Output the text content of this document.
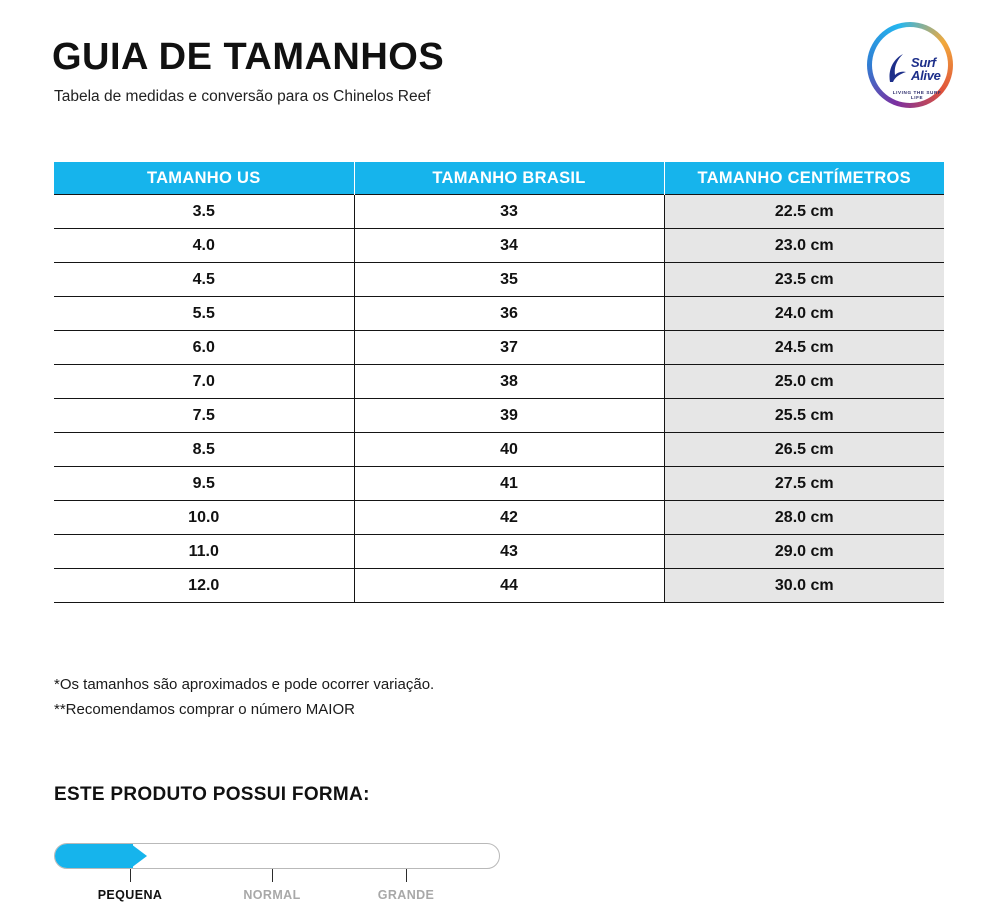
GUIA DE TAMANHOS
Tabela de medidas e conversão para os Chinelos Reef
Surf
Alive
LIVING THE SURF LIFE
TAMANHO US	TAMANHO BRASIL	TAMANHO CENTÍMETROS
3.5	33	22.5 cm
4.0	34	23.0 cm
4.5	35	23.5 cm
5.5	36	24.0 cm
6.0	37	24.5 cm
7.0	38	25.0 cm
7.5	39	25.5 cm
8.5	40	26.5 cm
9.5	41	27.5 cm
10.0	42	28.0 cm
11.0	43	29.0 cm
12.0	44	30.0 cm
*Os tamanhos são aproximados e pode ocorrer variação.
**Recomendamos comprar o número MAIOR
ESTE PRODUTO POSSUI FORMA:
PEQUENA	NORMAL	GRANDE
